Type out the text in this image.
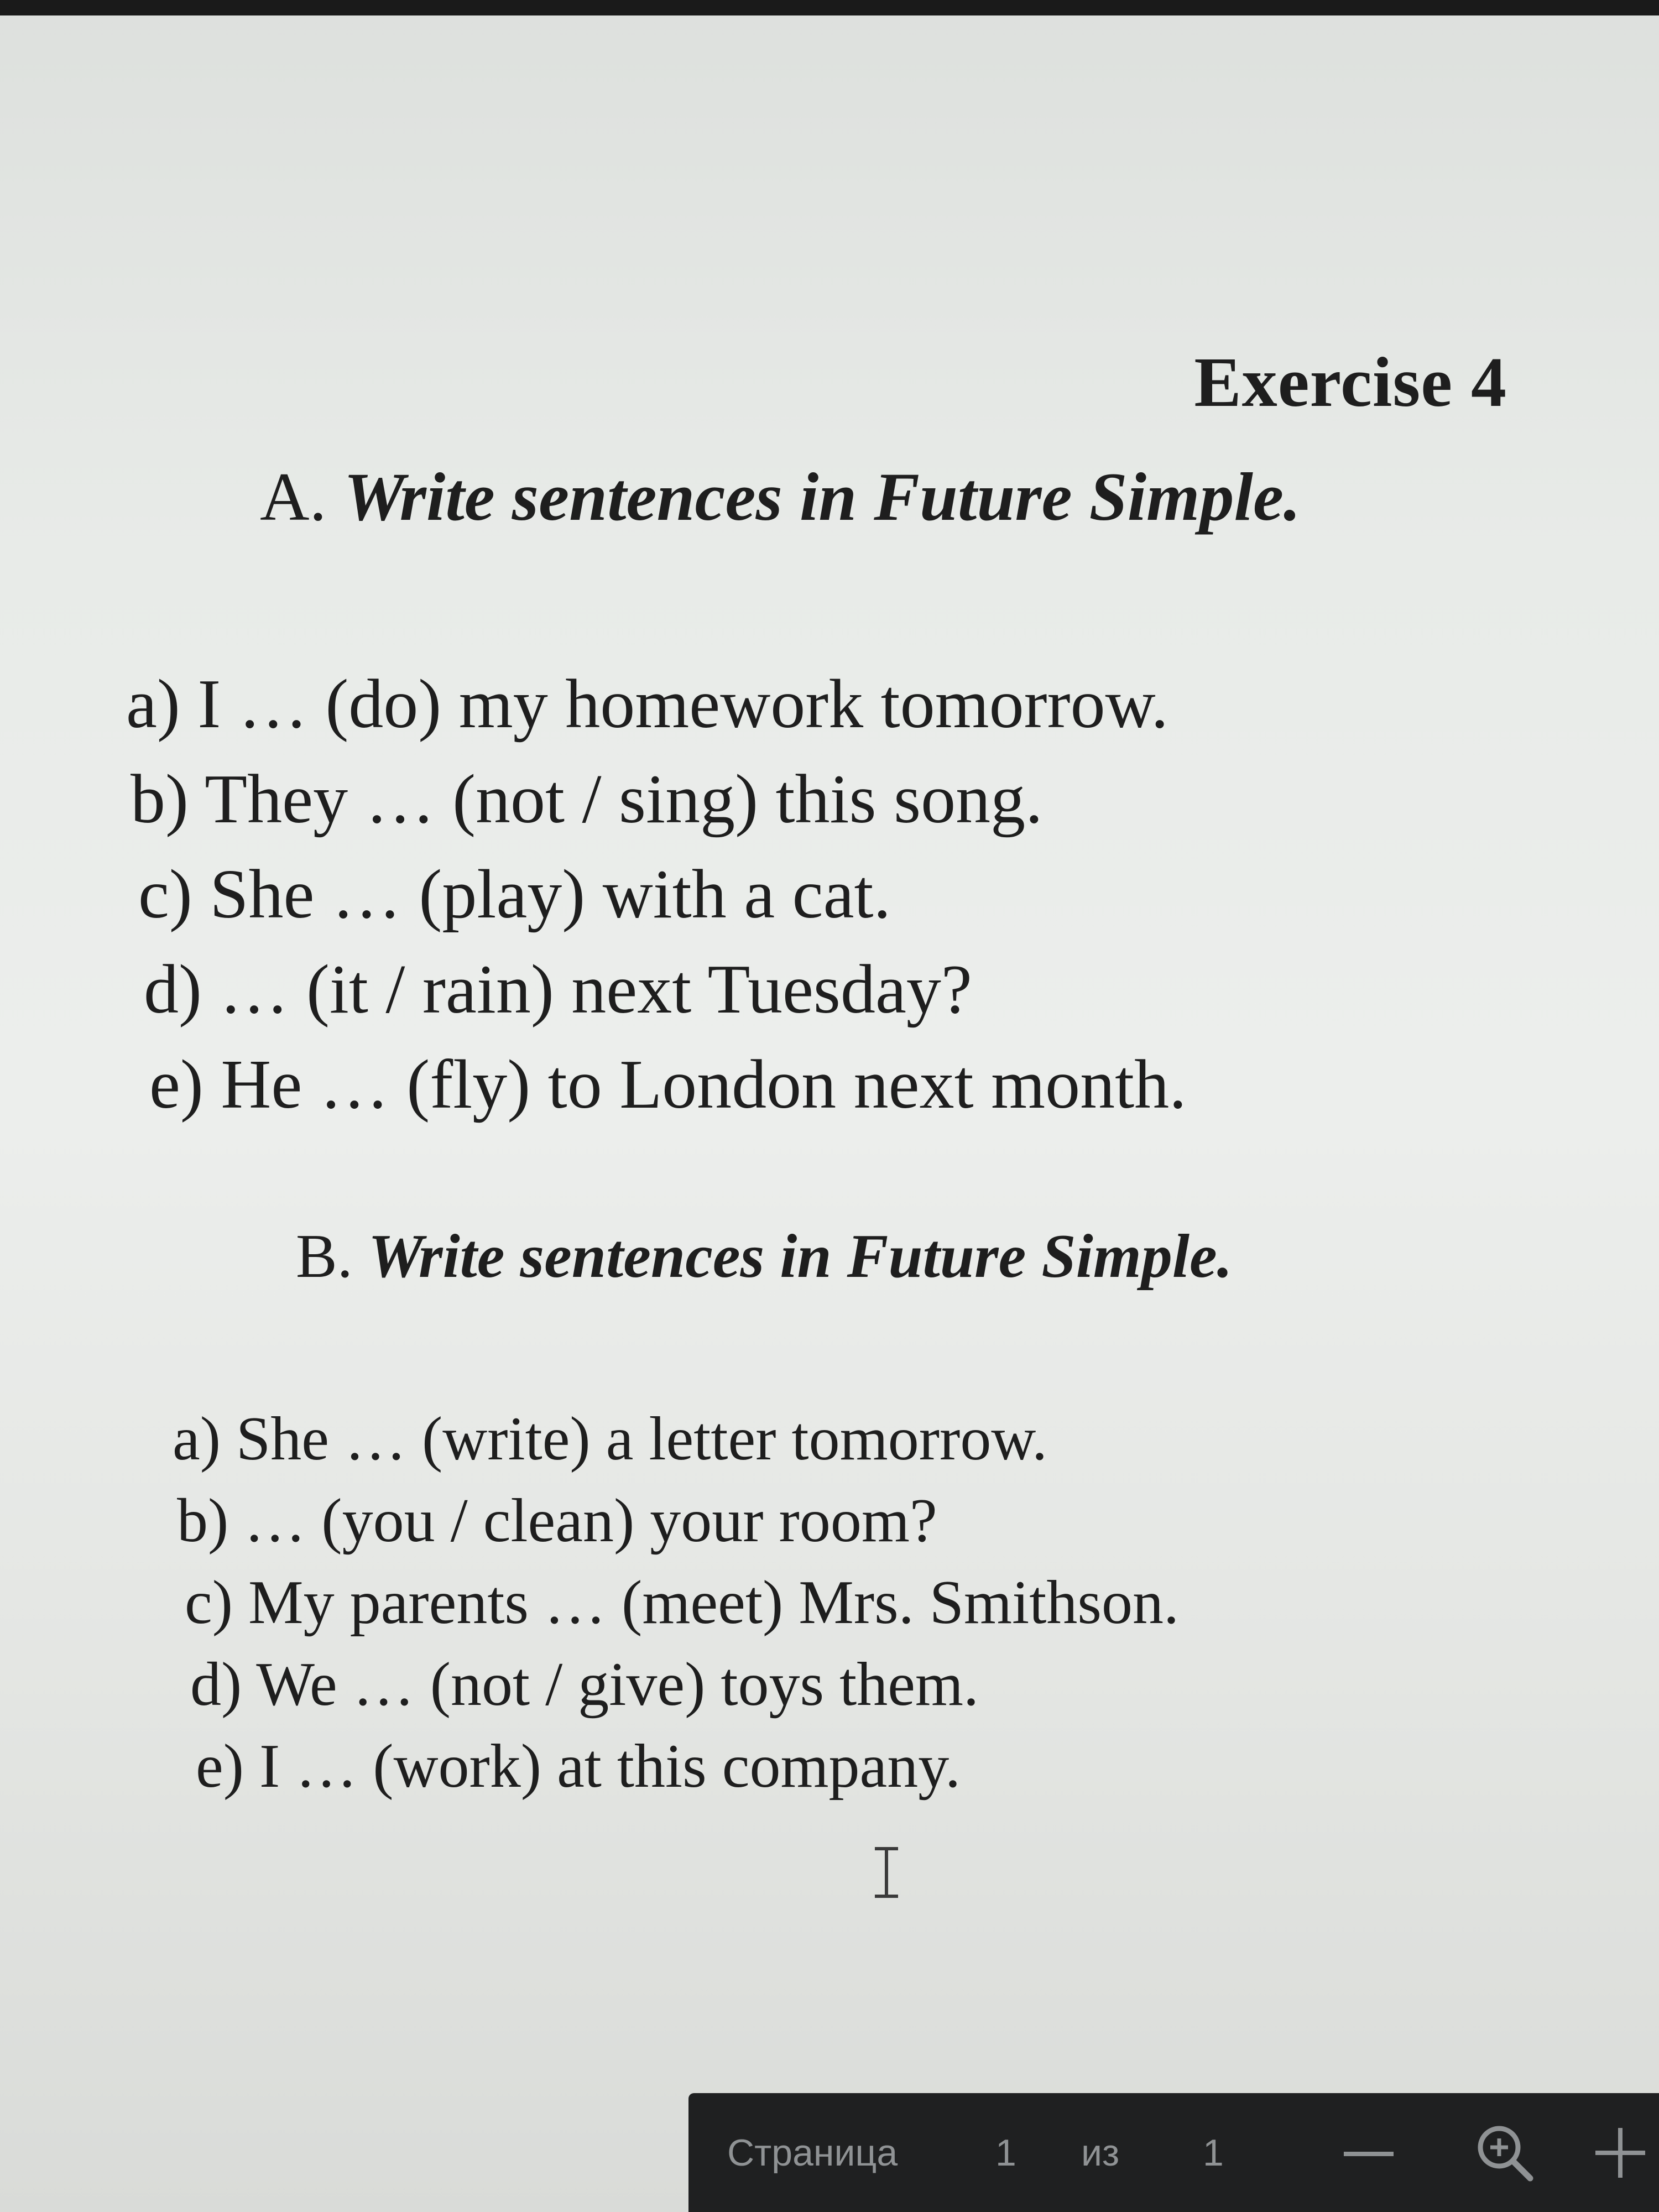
Exercise 4
A. Write sentences in Future Simple.
a) I … (do) my homework tomorrow.
b) They … (not / sing) this song.
c) She … (play) with a cat.
d) … (it / rain) next Tuesday?
e) He … (fly) to London next month.
B. Write sentences in Future Simple.
a) She … (write) a letter tomorrow.
b) … (you / clean) your room?
c) My parents … (meet) Mrs. Smithson.
d) We … (not / give) toys them.
e) I … (work) at this company.
Страница	1 из 1
